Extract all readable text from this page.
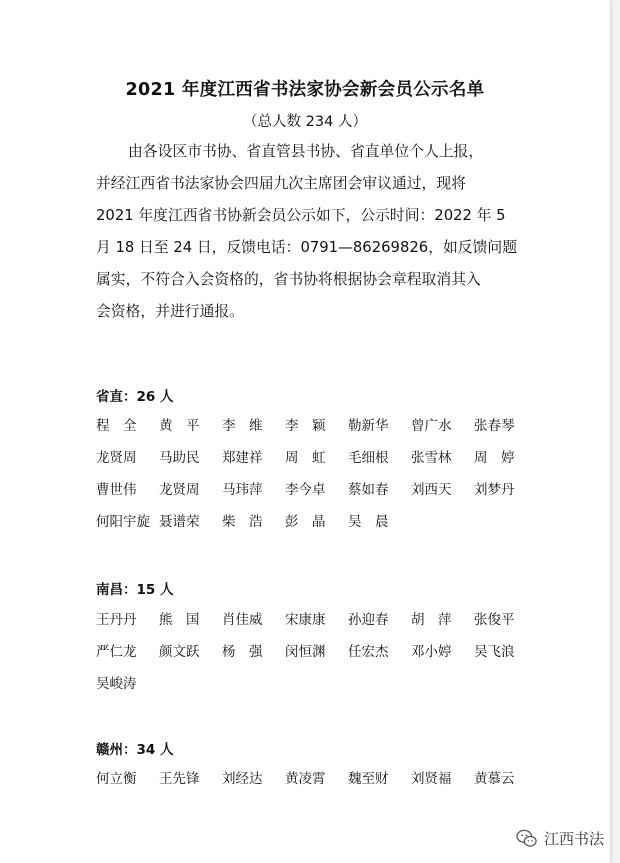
2021 年度江西省书法家协会新会员公示名单
（总人数 234 人）
由各设区市书协、省直管县书协、省直单位个人上报，
并经江西省书法家协会四届九次主席团会审议通过，现将
2021 年度江西省书协新会员公示如下，公示时间：2022 年 5
月 18 日至 24 日，反馈电话：0791—86269826，如反馈问题
属实，不符合入会资格的，省书协将根据协会章程取消其入
会资格，并进行通报。
省直：26 人
程　全	黄　平	李　维	李　颖	勒新华	曾广水	张春琴
龙贤周	马助民	郑建祥	周　虹	毛细根	张雪林	周　婷
曹世伟	龙贤周	马玮萍	李今卓	蔡如春	刘西天	刘梦丹
何阳宇旋 聂谱荣	柴　浩	彭　晶	吴　晨
南昌：15 人
王丹丹	熊　国	肖佳威	宋康康	孙迎春	胡　萍	张俊平
严仁龙	颜文跃	杨　强	闵恒渊	任宏杰	邓小婷	吴飞浪
吴峻涛
赣州：34 人
何立衡	王先锋	刘经达	黄凌霄	魏至财	刘贤福	黄慕云
江西书法
